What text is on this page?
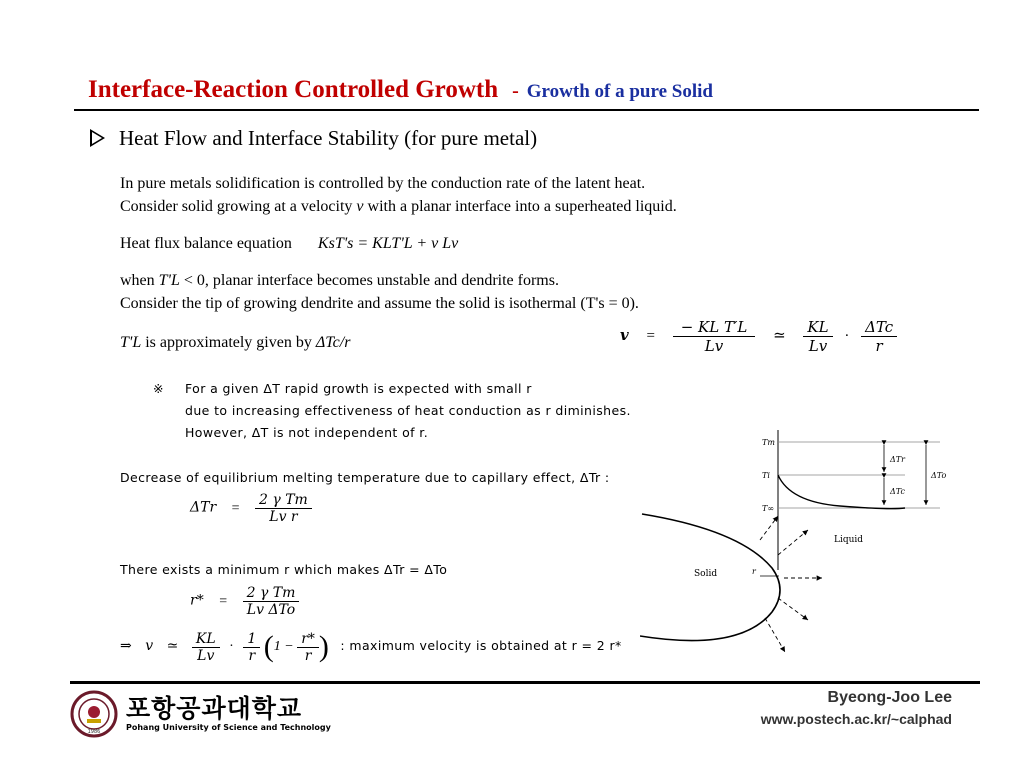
Interface-Reaction Controlled Growth - Growth of a pure Solid
Heat Flow and Interface Stability (for pure metal)
In pure metals solidification is controlled by the conduction rate of the latent heat.
Consider solid growing at a velocity v with a planar interface into a superheated liquid.
Heat flux balance equation KsT's = KLT'L + v Lv
when T'L < 0, planar interface becomes unstable and dendrite forms.
Consider the tip of growing dendrite and assume the solid is isothermal (T's = 0).
T'L is approximately given by ΔTc/r	$v = \frac{\text{− KL T′L}}{Lv}$ ≃ $\frac{KL}{Lv} \cdot \frac{\text{ΔTc}}{r}$
※ For a given ΔT rapid growth is expected with small r
due to increasing effectiveness of heat conduction as r diminishes.
However, ΔT is not independent of r.
Decrease of equilibrium melting temperature due to capillary effect, ΔTr :
$\Delta Tr = \frac{\text{2 γ Tm}}{\text{Lv r}}$
There exists a minimum r which makes ΔTr = ΔTo
$r* = \frac{\text{2 γ Tm}}{\text{Lv ΔTo}}$
⇒ v ≃ $\frac{KL}{Lv} \cdot \frac{1}{r} (1 - \frac{r*}{r}$ ) : maximum velocity is obtained at r = 2 r*
Tm
Ti
T∞
ΔTr
ΔTc
ΔTo
r
Liquid
Solid
1986
포항공과대학교
Pohang University of Science and Technology
Byeong-Joo Lee
www.postech.ac.kr/~calphad
